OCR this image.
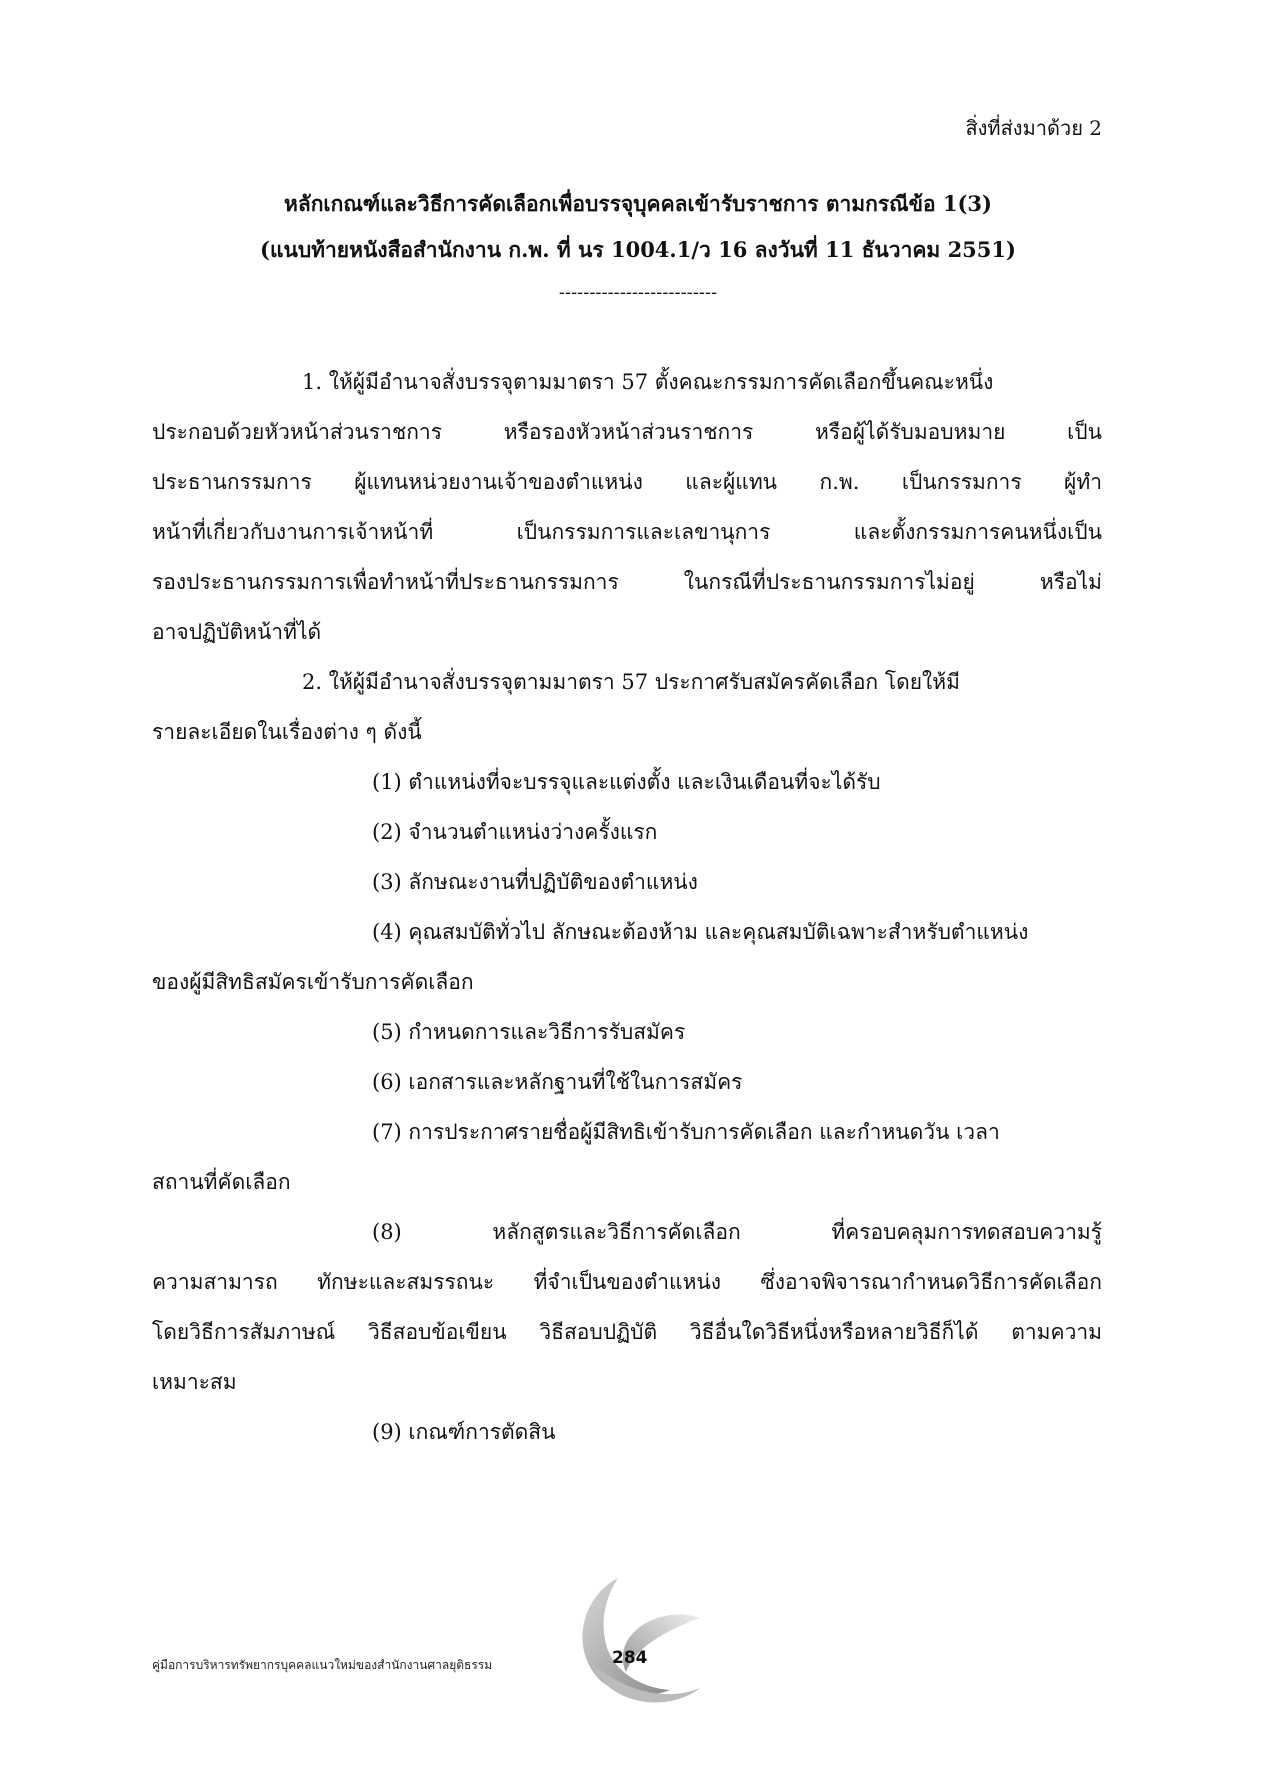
สิ่งที่ส่งมาด้วย 2
หลักเกณฑ์และวิธีการคัดเลือกเพื่อบรรจุบุคคลเข้ารับราชการ ตามกรณีข้อ 1(3)
(แนบท้ายหนังสือสำนักงาน ก.พ. ที่ นร 1004.1/ว 16 ลงวันที่ 11 ธันวาคม 2551)
--------------------------
1. ให้ผู้มีอำนาจสั่งบรรจุตามมาตรา 57 ตั้งคณะกรรมการคัดเลือกขึ้นคณะหนึ่ง
ประกอบด้วยหัวหน้าส่วนราชการ หรือรองหัวหน้าส่วนราชการ หรือผู้ได้รับมอบหมาย เป็น
ประธานกรรมการ ผู้แทนหน่วยงานเจ้าของตำแหน่ง และผู้แทน ก.พ. เป็นกรรมการ ผู้ทำ
หน้าที่เกี่ยวกับงานการเจ้าหน้าที่ เป็นกรรมการและเลขานุการ และตั้งกรรมการคนหนึ่งเป็น
รองประธานกรรมการเพื่อทำหน้าที่ประธานกรรมการ ในกรณีที่ประธานกรรมการไม่อยู่ หรือไม่
อาจปฏิบัติหน้าที่ได้
2. ให้ผู้มีอำนาจสั่งบรรจุตามมาตรา 57 ประกาศรับสมัครคัดเลือก โดยให้มี
รายละเอียดในเรื่องต่าง ๆ ดังนี้
(1) ตำแหน่งที่จะบรรจุและแต่งตั้ง และเงินเดือนที่จะได้รับ
(2) จำนวนตำแหน่งว่างครั้งแรก
(3) ลักษณะงานที่ปฏิบัติของตำแหน่ง
(4) คุณสมบัติทั่วไป ลักษณะต้องห้าม และคุณสมบัติเฉพาะสำหรับตำแหน่ง
ของผู้มีสิทธิสมัครเข้ารับการคัดเลือก
(5) กำหนดการและวิธีการรับสมัคร
(6) เอกสารและหลักฐานที่ใช้ในการสมัคร
(7) การประกาศรายชื่อผู้มีสิทธิเข้ารับการคัดเลือก และกำหนดวัน เวลา
สถานที่คัดเลือก
(8) หลักสูตรและวิธีการคัดเลือก ที่ครอบคลุมการทดสอบความรู้
ความสามารถ ทักษะและสมรรถนะ ที่จำเป็นของตำแหน่ง ซึ่งอาจพิจารณากำหนดวิธีการคัดเลือก
โดยวิธีการสัมภาษณ์ วิธีสอบข้อเขียน วิธีสอบปฏิบัติ วิธีอื่นใดวิธีหนึ่งหรือหลายวิธีก็ได้ ตามความ
เหมาะสม
(9) เกณฑ์การตัดสิน
คู่มือการบริหารทรัพยากรบุคคลแนวใหม่ของสำนักงานศาลยุติธรรม	284
